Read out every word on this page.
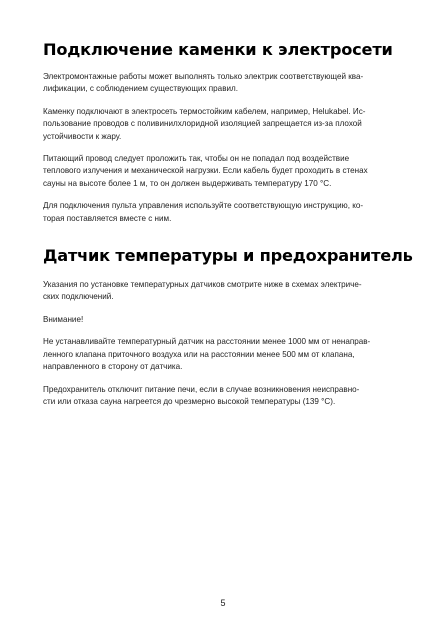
Подключение каменки к электросети

Электромонтажные работы может выполнять только электрик соответствующей ква-
лификации, с соблюдением существующих правил.

Каменку подключают в электросеть термостойким кабелем, например, Helukabel. Ис-
пользование проводов с поливинилхлоридной изоляцией запрещается из-за плохой
устойчивости к жару.

Питающий провод следует проложить так, чтобы он не попадал под воздействие
теплового излучения и механической нагрузки. Если кабель будет проходить в стенах
сауны на высоте более 1 м, то он должен выдерживать температуру 170 °C.

Для подключения пульта управления используйте соответствующую инструкцию, ко-
торая поставляется вместе с ним.

Датчик температуры и предохранитель

Указания по установке температурных датчиков смотрите ниже в схемах электриче-
ских подключений.

Внимание!

Не устанавливайте температурный датчик на расстоянии менее 1000 мм от ненаправ-
ленного клапана приточного воздуха или на расстоянии менее 500 мм от клапана,
направленного в сторону от датчика.

Предохранитель отключит питание печи, если в случае возникновения неисправно-
сти или отказа сауна нагреется до чрезмерно высокой температуры (139 °C).

5
